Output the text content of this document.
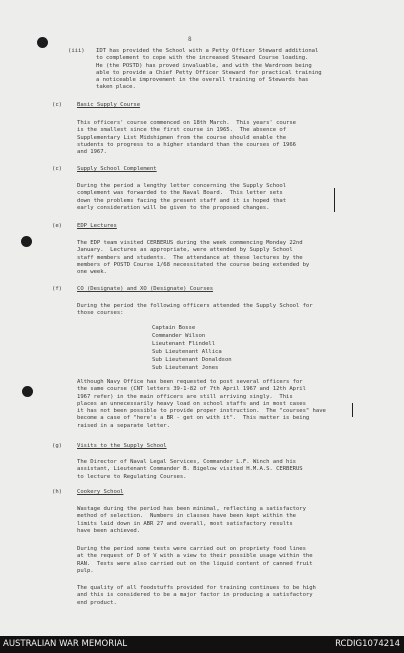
8
(iii) IDT has provided the School with a Petty Officer Steward additional
to complement to cope with the increased Steward Course loading.
He (the POSTD) has proved invaluable, and with the Wardroom being
able to provide a Chief Petty Officer Steward for practical training
a noticeable improvement in the overall training of Stewards has
taken place.
(c)	Basic Supply Course
This officers' course commenced on 18th March.  This years' course
is the smallest since the first course in 1965.  The absence of
Supplementary List Midshipmen from the course should enable the
students to progress to a higher standard than the courses of 1966
and 1967.
(c)	Supply School Complement
During the period a lengthy letter concerning the Supply School
complement was forwarded to the Naval Board.  This letter sets
down the problems facing the present staff and it is hoped that
early consideration will be given to the proposed changes.
(e)	EDP Lectures
The EDP team visited CERBERUS during the week commencing Monday 22nd
January.  Lectures as appropriate, were attended by Supply School
staff members and students.  The attendance at these lectures by the
members of POSTD Course 1/68 necessitated the course being extended by
one week.
(f)	CO (Designate) and XO (Designate) Courses
During the period the following officers attended the Supply School for
those courses:
Captain Bosse
Commander Wilson
Lieutenant Flindell
Sub Lieutenant Allica
Sub Lieutenant Donaldson
Sub Lieutenant Jones
Although Navy Office has been requested to post several officers for
the same course (CNT letters 39-1-82 of 7th April 1967 and 12th April
1967 refer) in the main officers are still arriving singly.  This
places an unnecessarily heavy load on school staffs and in most cases
it has not been possible to provide proper instruction.  The "courses" have
become a case of "here's a BR - get on with it".  This matter is being
raised in a separate letter.
(g)	Visits to the Supply School
The Director of Naval Legal Services, Commander L.F. Winch and his
assistant, Lieutenant Commander B. Bigelow visited H.M.A.S. CERBERUS
to lecture to Regulating Courses.
(h)	Cookery School
Wastage during the period has been minimal, reflecting a satisfactory
method of selection.  Numbers in classes have been kept within the
limits laid down in ABR 27 and overall, most satisfactory results
have been achieved.
During the period some tests were carried out on propriety food lines
at the request of D of V with a view to their possible usage within the
RAN.  Tests were also carried out on the liquid content of canned fruit
pulp.
The quality of all foodstuffs provided for training continues to be high
and this is considered to be a major factor in producing a satisfactory
end product.
AUSTRALIAN WAR MEMORIAL	RCDIG1074214
